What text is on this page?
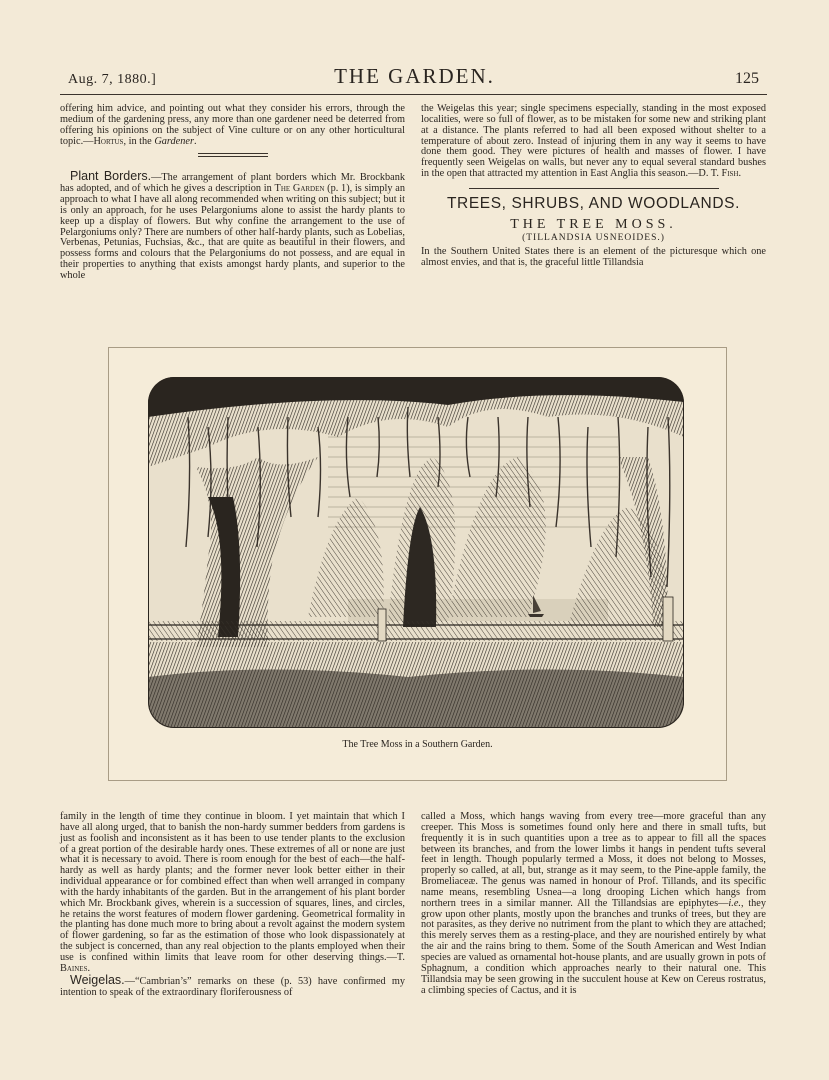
Aug. 7, 1880.]	THE GARDEN.	125

offering him advice, and pointing out what they consider his errors, through the medium of the gardening press, any more than one gardener need be deterred from offering his opinions on the subject of Vine culture or on any other horticultural topic.—Hortus, in the Gardener.

Plant Borders.—The arrangement of plant borders which Mr. Brockbank has adopted, and of which he gives a description in The Garden (p. 1), is simply an approach to what I have all along recommended when writing on this subject; but it is only an approach, for he uses Pelargoniums alone to assist the hardy plants to keep up a display of flowers. But why confine the arrangement to the use of Pelargoniums only? There are numbers of other half-hardy plants, such as Lobelias, Verbenas, Petunias, Fuchsias, &c., that are quite as beautiful in their flowers, and possess forms and colours that the Pelargoniums do not possess, and are equal in their properties to anything that exists amongst hardy plants, and superior to the whole

the Weigelas this year; single specimens especially, standing in the most exposed localities, were so full of flower, as to be mistaken for some new and striking plant at a distance. The plants referred to had all been exposed without shelter to a temperature of about zero. Instead of injuring them in any way it seems to have done them good. They were pictures of health and masses of flower. I have frequently seen Weigelas on walls, but never any to equal several standard bushes in the open that attracted my attention in East Anglia this season.—D. T. Fish.

TREES, SHRUBS, AND WOODLANDS.
THE TREE MOSS.
(TILLANDSIA USNEOIDES.)

In the Southern United States there is an element of the picturesque which one almost envies, and that is, the graceful little Tillandsia

The Tree Moss in a Southern Garden.

family in the length of time they continue in bloom. I yet maintain that which I have all along urged, that to banish the non-hardy summer bedders from gardens is just as foolish and inconsistent as it has been to use tender plants to the exclusion of a great portion of the desirable hardy ones. These extremes of all or none are just what it is necessary to avoid. There is room enough for the best of each—the half-hardy as well as hardy plants; and the former never look better either in their individual appearance or for combined effect than when well arranged in company with the hardy inhabitants of the garden. But in the arrangement of his plant border which Mr. Brockbank gives, wherein is a succession of squares, lines, and circles, he retains the worst features of modern flower gardening. Geometrical formality in the planting has done much more to bring about a revolt against the modern system of flower gardening, so far as the estimation of those who look dispassionately at the subject is concerned, than any real objection to the plants employed when their use is confined within limits that leave room for other deserving things.—T. Baines.

Weigelas.—“Cambrian’s” remarks on these (p. 53) have confirmed my intention to speak of the extraordinary floriferousness of

called a Moss, which hangs waving from every tree—more graceful than any creeper. This Moss is sometimes found only here and there in small tufts, but frequently it is in such quantities upon a tree as to appear to fill all the spaces between its branches, and from the lower limbs it hangs in pendent tufts several feet in length. Though popularly termed a Moss, it does not belong to Mosses, properly so called, at all, but, strange as it may seem, to the Pine-apple family, the Bromeliaceæ. The genus was named in honour of Prof. Tillands, and its specific name means, resembling Usnea—a long drooping Lichen which hangs from northern trees in a similar manner. All the Tillandsias are epiphytes—i.e., they grow upon other plants, mostly upon the branches and trunks of trees, but they are not parasites, as they derive no nutriment from the plant to which they are attached; this merely serves them as a resting-place, and they are nourished entirely by what the air and the rains bring to them. Some of the South American and West Indian species are valued as ornamental hot-house plants, and are usually grown in pots of Sphagnum, a condition which approaches nearly to their natural one. This Tillandsia may be seen growing in the succulent house at Kew on Cereus rostratus, a climbing species of Cactus, and it is
